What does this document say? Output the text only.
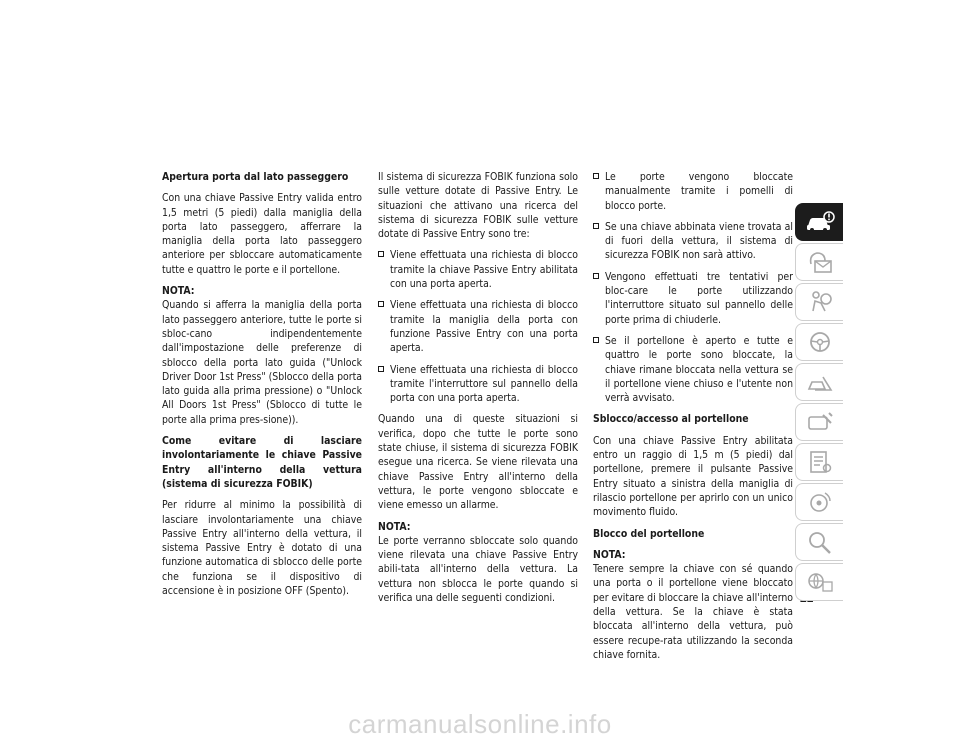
Apertura porta dal lato passeggero

Con una chiave Passive Entry valida entro 1,5 metri (5 piedi) dalla maniglia della porta lato passeggero, afferrare la maniglia della porta lato passeggero anteriore per sbloccare automaticamente tutte e quattro le porte e il portellone.

NOTA:
Quando si afferra la maniglia della porta lato passeggero anteriore, tutte le porte si sbloc-cano indipendentemente dall'impostazione delle preferenze di sblocco della porta lato guida ("Unlock Driver Door 1st Press" (Sblocco della porta lato guida alla prima pressione) o "Unlock All Doors 1st Press" (Sblocco di tutte le porte alla prima pres-sione)).

Come evitare di lasciare involontariamente le chiave Passive Entry all'interno della vettura (sistema di sicurezza FOBIK)

Per ridurre al minimo la possibilità di lasciare involontariamente una chiave Passive Entry all'interno della vettura, il sistema Passive Entry è dotato di una funzione automatica di sblocco delle porte che funziona se il dispositivo di accensione è in posizione OFF (Spento).

Il sistema di sicurezza FOBIK funziona solo sulle vetture dotate di Passive Entry. Le situazioni che attivano una ricerca del sistema di sicurezza FOBIK sulle vetture dotate di Passive Entry sono tre:

Viene effettuata una richiesta di blocco tramite la chiave Passive Entry abilitata con una porta aperta.
Viene effettuata una richiesta di blocco tramite la maniglia della porta con funzione Passive Entry con una porta aperta.
Viene effettuata una richiesta di blocco tramite l'interruttore sul pannello della porta con una porta aperta.

Quando una di queste situazioni si verifica, dopo che tutte le porte sono state chiuse, il sistema di sicurezza FOBIK esegue una ricerca. Se viene rilevata una chiave Passive Entry all'interno della vettura, le porte vengono sbloccate e viene emesso un allarme.

NOTA:
Le porte verranno sbloccate solo quando viene rilevata una chiave Passive Entry abili-tata all'interno della vettura. La vettura non sblocca le porte quando si verifica una delle seguenti condizioni.

Le porte vengono bloccate manualmente tramite i pomelli di blocco porte.
Se una chiave abbinata viene trovata al di fuori della vettura, il sistema di sicurezza FOBIK non sarà attivo.
Vengono effettuati tre tentativi per bloc-care le porte utilizzando l'interruttore situato sul pannello delle porte prima di chiuderle.
Se il portellone è aperto e tutte e quattro le porte sono bloccate, la chiave rimane bloccata nella vettura se il portellone viene chiuso e l'utente non verrà avvisato.
Sblocco/accesso al portellone

Con una chiave Passive Entry abilitata entro un raggio di 1,5 m (5 piedi) dal portellone, premere il pulsante Passive Entry situato a sinistra della maniglia di rilascio portellone per aprirlo con un unico movimento fluido.

Blocco del portellone

NOTA:
Tenere sempre la chiave con sé quando una porta o il portellone viene bloccato per evitare di bloccare la chiave all'interno della vettura. Se la chiave è stata bloccata all'interno della vettura, può essere recupe-rata utilizzando la seconda chiave fornita.

carmanualsonline.info
